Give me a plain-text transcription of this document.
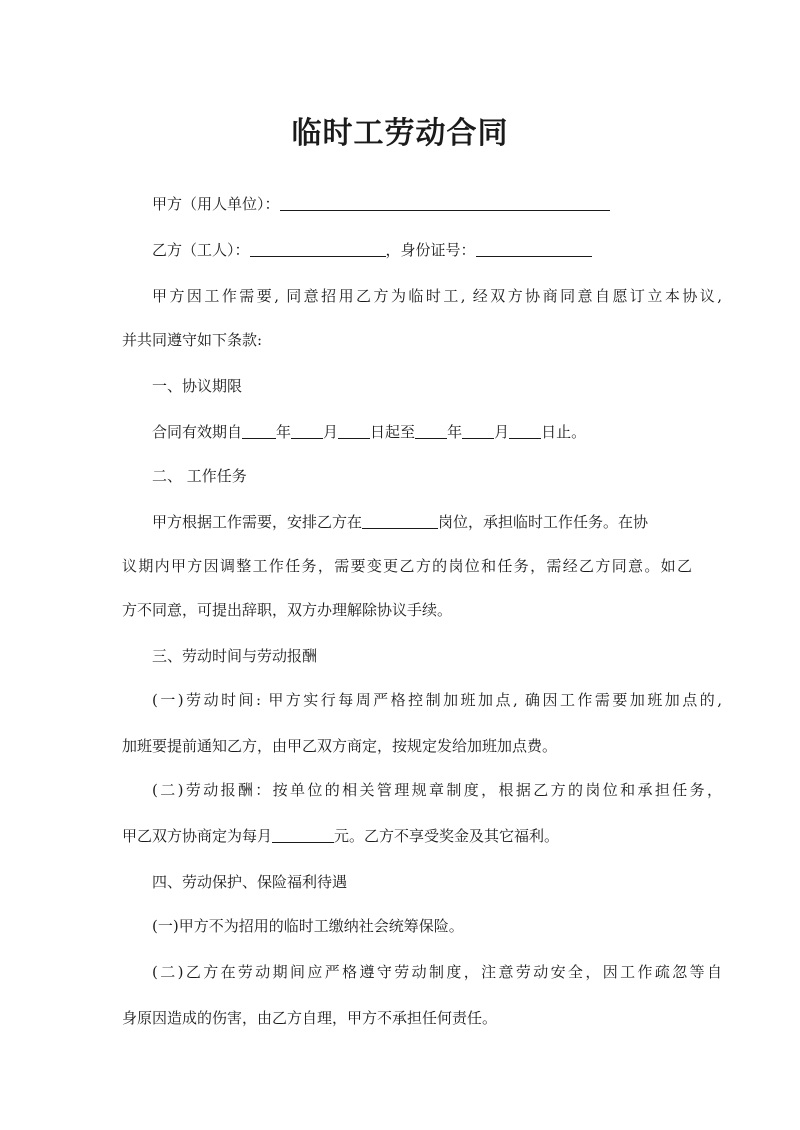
临时工劳动合同
甲方（用人单位）：
乙方（工人）：	，身份证号：
甲方因工作需要, 同意招用乙方为临时工, 经双方协商同意自愿订立本协议,
并共同遵守如下条款:
一、协议期限
合同有效期自 年 月 日起至 年 月 日止。
二、 工作任务
甲方根据工作需要，安排乙方在	岗位，承担临时工作任务。在协
议期内甲方因调整工作任务，需要变更乙方的岗位和任务，需经乙方同意。如乙
方不同意，可提出辞职，双方办理解除协议手续。
三、劳动时间与劳动报酬
(一)劳动时间: 甲方实行每周严格控制加班加点, 确因工作需要加班加点的,
加班要提前通知乙方，由甲乙双方商定，按规定发给加班加点费。
(二)劳动报酬：按单位的相关管理规章制度，根据乙方的岗位和承担任务，
甲乙双方协商定为每月	元。乙方不享受奖金及其它福利。
四、劳动保护、保险福利待遇
(一)甲方不为招用的临时工缴纳社会统筹保险。
(二)乙方在劳动期间应严格遵守劳动制度，注意劳动安全，因工作疏忽等自
身原因造成的伤害，由乙方自理，甲方不承担任何责任。
